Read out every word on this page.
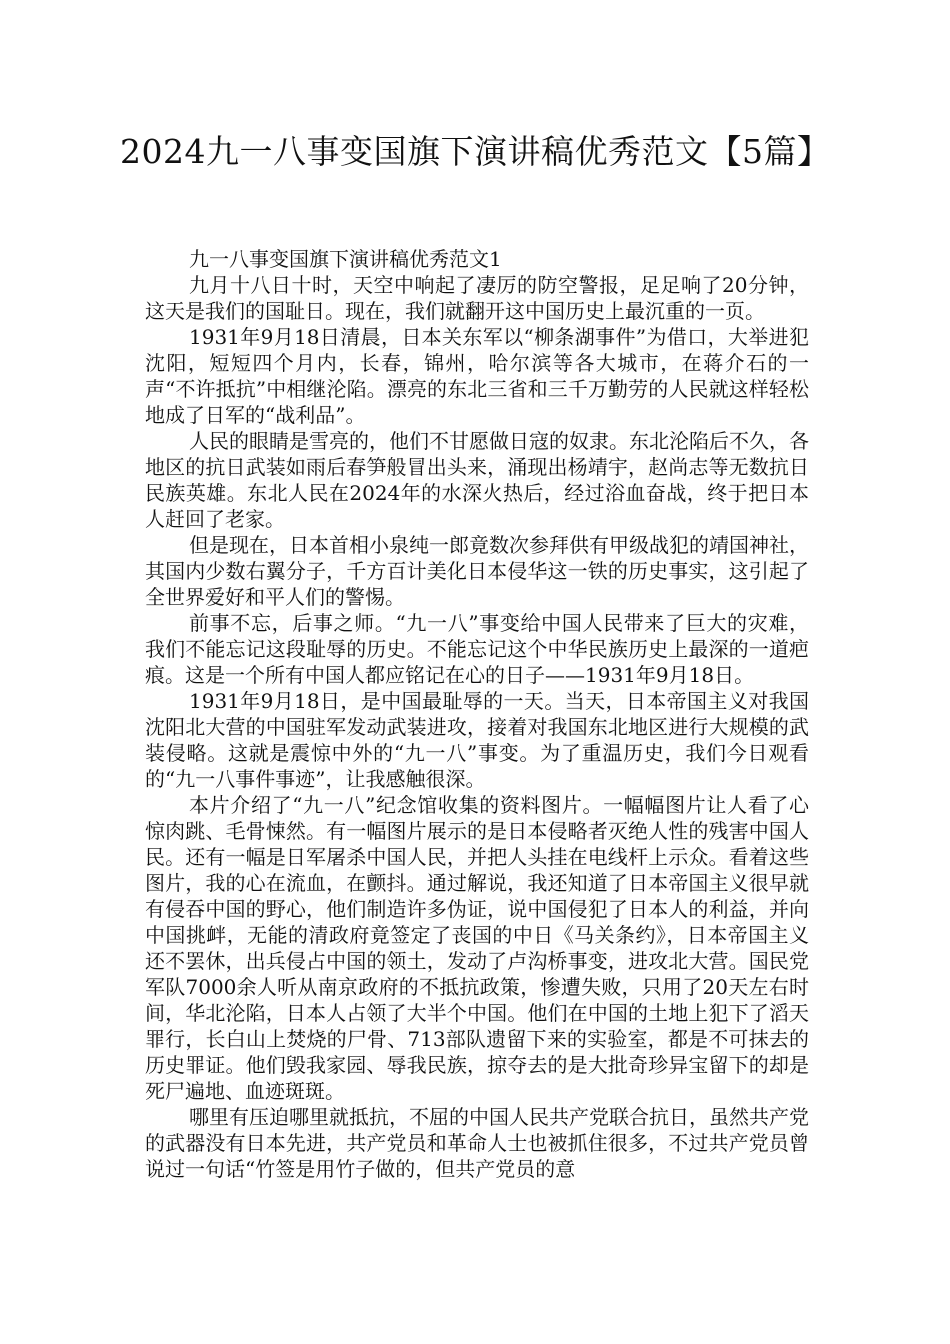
2024九一八事变国旗下演讲稿优秀范文【5篇】

九一八事变国旗下演讲稿优秀范文1

九月十八日十时，天空中响起了凄厉的防空警报，足足响了20分钟，这天是我们的国耻日。现在，我们就翻开这中国历史上最沉重的一页。

1931年9月18日清晨，日本关东军以“柳条湖事件”为借口，大举进犯沈阳，短短四个月内，长春，锦州，哈尔滨等各大城市，在蒋介石的一声“不许抵抗”中相继沦陷。漂亮的东北三省和三千万勤劳的人民就这样轻松地成了日军的“战利品”。

人民的眼睛是雪亮的，他们不甘愿做日寇的奴隶。东北沦陷后不久，各地区的抗日武装如雨后春笋般冒出头来，涌现出杨靖宇，赵尚志等无数抗日民族英雄。东北人民在2024年的水深火热后，经过浴血奋战，终于把日本人赶回了老家。

但是现在，日本首相小泉纯一郎竟数次参拜供有甲级战犯的靖国神社，其国内少数右翼分子，千方百计美化日本侵华这一铁的历史事实，这引起了全世界爱好和平人们的警惕。

前事不忘，后事之师。“九一八”事变给中国人民带来了巨大的灾难，我们不能忘记这段耻辱的历史。不能忘记这个中华民族历史上最深的一道疤痕。这是一个所有中国人都应铭记在心的日子——1931年9月18日。

1931年9月18日，是中国最耻辱的一天。当天，日本帝国主义对我国沈阳北大营的中国驻军发动武装进攻，接着对我国东北地区进行大规模的武装侵略。这就是震惊中外的“九一八”事变。为了重温历史，我们今日观看的“九一八事件事迹”，让我感触很深。

本片介绍了“九一八”纪念馆收集的资料图片。一幅幅图片让人看了心惊肉跳、毛骨悚然。有一幅图片展示的是日本侵略者灭绝人性的残害中国人民。还有一幅是日军屠杀中国人民，并把人头挂在电线杆上示众。看着这些图片，我的心在流血，在颤抖。通过解说，我还知道了日本帝国主义很早就有侵吞中国的野心，他们制造许多伪证，说中国侵犯了日本人的利益，并向中国挑衅，无能的清政府竟签定了丧国的中日《马关条约》，日本帝国主义还不罢休，出兵侵占中国的领土，发动了卢沟桥事变，进攻北大营。国民党军队7000余人听从南京政府的不抵抗政策，惨遭失败，只用了20天左右时间，华北沦陷，日本人占领了大半个中国。他们在中国的土地上犯下了滔天罪行，长白山上焚烧的尸骨、713部队遗留下来的实验室，都是不可抹去的历史罪证。他们毁我家园、辱我民族，掠夺去的是大批奇珍异宝留下的却是死尸遍地、血迹斑斑。

哪里有压迫哪里就抵抗，不屈的中国人民共产党联合抗日，虽然共产党的武器没有日本先进，共产党员和革命人士也被抓住很多，不过共产党员曾说过一句话“竹签是用竹子做的，但共产党员的意
